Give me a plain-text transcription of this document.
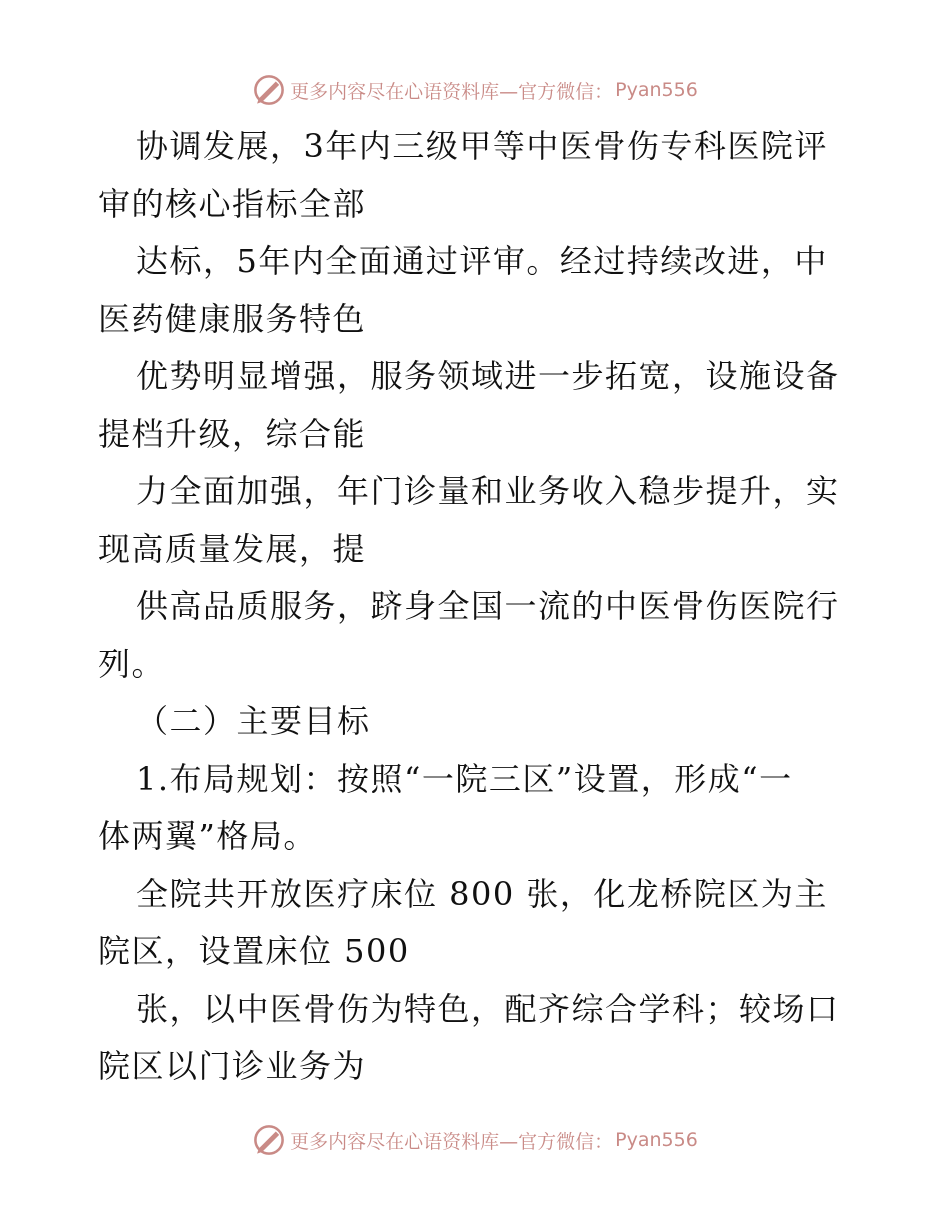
更多内容尽在心语资料库—官方微信： Pyan556
协调发展，3年内三级甲等中医骨伤专科医院评
审的核心指标全部
达标，5年内全面通过评审。经过持续改进，中
医药健康服务特色
优势明显增强，服务领域进一步拓宽，设施设备
提档升级，综合能
力全面加强，年门诊量和业务收入稳步提升，实
现高质量发展，提
供高品质服务，跻身全国一流的中医骨伤医院行
列。
（二）主要目标
1.布局规划：按照“一院三区”设置，形成“一
体两翼”格局。
全院共开放医疗床位 800 张，化龙桥院区为主
院区，设置床位 500
张，以中医骨伤为特色，配齐综合学科；较场口
院区以门诊业务为
更多内容尽在心语资料库—官方微信： Pyan556
